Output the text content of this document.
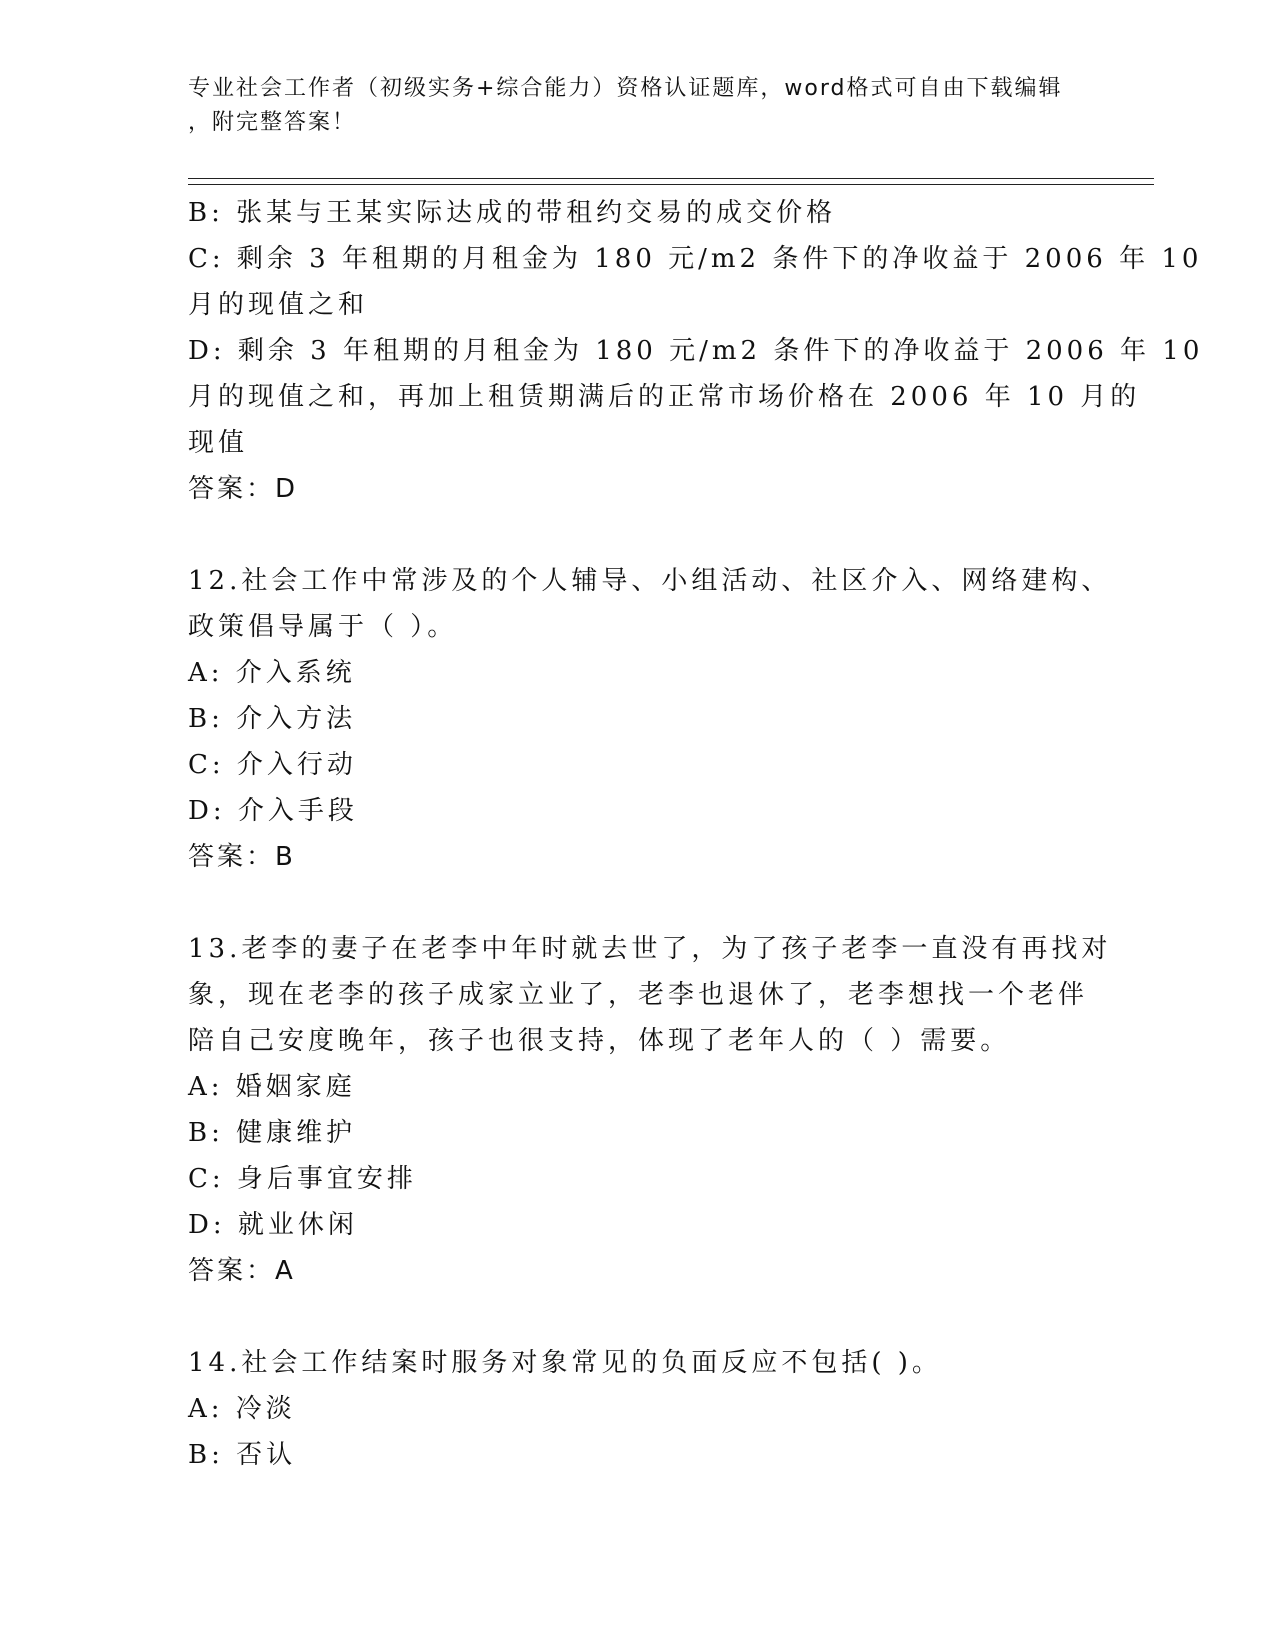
专业社会工作者（初级实务+综合能力）资格认证题库，word格式可自由下载编辑
，附完整答案！
B: 张某与王某实际达成的带租约交易的成交价格
C: 剩余 3 年租期的月租金为 180 元/m2 条件下的净收益于 2006 年 10
月的现值之和
D: 剩余 3 年租期的月租金为 180 元/m2 条件下的净收益于 2006 年 10
月的现值之和，再加上租赁期满后的正常市场价格在 2006 年 10 月的
现值
答案：D
12.社会工作中常涉及的个人辅导、小组活动、社区介入、网络建构、
政策倡导属于（ ）。
A: 介入系统
B: 介入方法
C: 介入行动
D: 介入手段
答案：B
13.老李的妻子在老李中年时就去世了，为了孩子老李一直没有再找对
象，现在老李的孩子成家立业了，老李也退休了，老李想找一个老伴
陪自己安度晚年，孩子也很支持，体现了老年人的（ ）需要。
A: 婚姻家庭
B: 健康维护
C: 身后事宜安排
D: 就业休闲
答案：A
14.社会工作结案时服务对象常见的负面反应不包括( )。
A: 冷淡
B: 否认
